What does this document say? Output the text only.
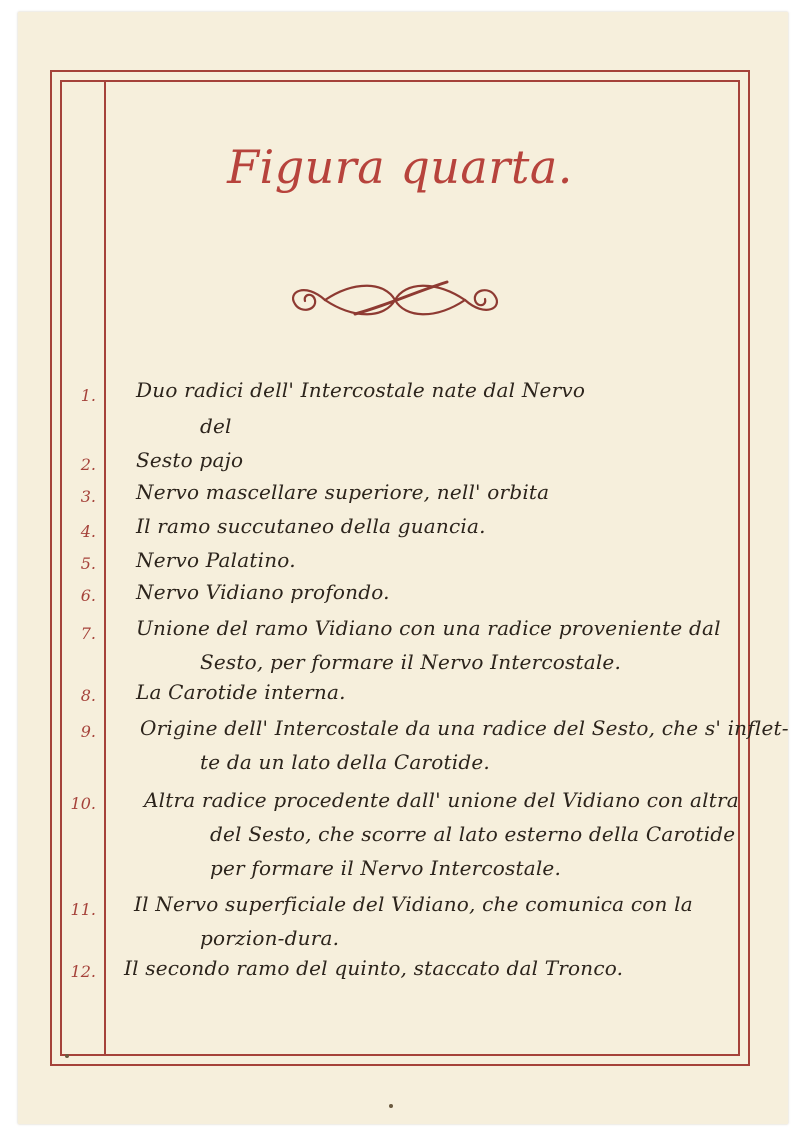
Figura quarta.
1. Duo radici dell' Intercostale nate dal Nervo
del
2. Sesto pajo
3. Nervo mascellare superiore, nell' orbita
4. Il ramo succutaneo della guancia.
5. Nervo Palatino.
6. Nervo Vidiano profondo.
7. Unione del ramo Vidiano con una radice proveniente dal
Sesto, per formare il Nervo Intercostale.
8. La Carotide interna.
9. Origine dell' Intercostale da una radice del Sesto, che s' inflet-
te da un lato della Carotide.
10. Altra radice procedente dall' unione del Vidiano con altra
del Sesto, che scorre al lato esterno della Carotide
per formare il Nervo Intercostale.
11. Il Nervo superficiale del Vidiano, che comunica con la
porzion-dura.
12. Il secondo ramo del quinto, staccato dal Tronco.
